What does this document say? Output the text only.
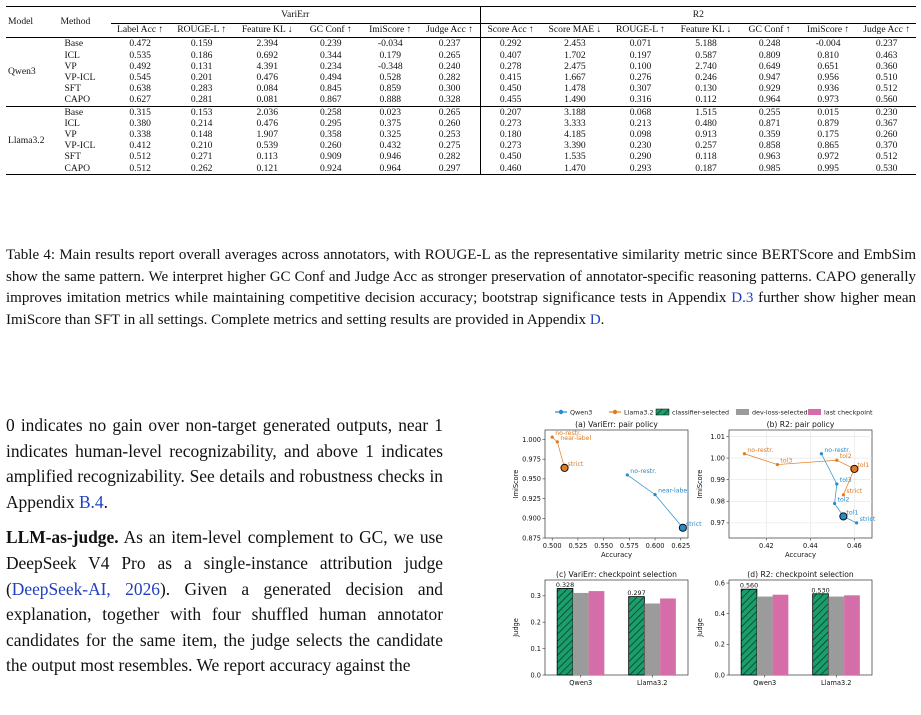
Model	Method	VariErr						R2						
		Label Acc ↑	ROUGE-L ↑	Feature KL ↓	GC Conf ↑	ImiScore ↑	Judge Acc ↑	Score Acc ↑	Score MAE ↓	ROUGE-L ↑	Feature KL ↓	GC Conf ↑	ImiScore ↑	Judge Acc ↑
Qwen3	Base	0.472	0.159	2.394	0.239	-0.034	0.237	0.292	2.453	0.071	5.188	0.248	-0.004	0.237
	ICL	0.535	0.186	0.692	0.344	0.179	0.265	0.407	1.702	0.197	0.587	0.809	0.810	0.463
	VP	0.492	0.131	4.391	0.234	-0.348	0.240	0.278	2.475	0.100	2.740	0.649	0.651	0.360
	VP-ICL	0.545	0.201	0.476	0.494	0.528	0.282	0.415	1.667	0.276	0.246	0.947	0.956	0.510
	SFT	0.638	0.283	0.084	0.845	0.859	0.300	0.450	1.478	0.307	0.130	0.929	0.936	0.512
	CAPO	0.627	0.281	0.081	0.867	0.888	0.328	0.455	1.490	0.316	0.112	0.964	0.973	0.560
Llama3.2	Base	0.315	0.153	2.036	0.258	0.023	0.265	0.207	3.188	0.068	1.515	0.255	0.015	0.230
	ICL	0.380	0.214	0.476	0.295	0.375	0.260	0.273	3.333	0.213	0.480	0.871	0.879	0.367
	VP	0.338	0.148	1.907	0.358	0.325	0.253	0.180	4.185	0.098	0.913	0.359	0.175	0.260
	VP-ICL	0.412	0.210	0.539	0.260	0.432	0.275	0.273	3.390	0.230	0.257	0.858	0.865	0.370
	SFT	0.512	0.271	0.113	0.909	0.946	0.282	0.450	1.535	0.290	0.118	0.963	0.972	0.512
	CAPO	0.512	0.262	0.121	0.924	0.964	0.297	0.460	1.470	0.293	0.187	0.985	0.995	0.530
Table 4: Main results report overall averages across annotators, with ROUGE-L as the representative similarity metric since BERTScore and EmbSim show the same pattern. We interpret higher GC Conf and Judge Acc as stronger preservation of annotator-specific reasoning patterns. CAPO generally improves imitation metrics while maintaining competitive decision accuracy; bootstrap significance tests in Appendix D.3 further show higher mean ImiScore than SFT in all settings. Complete metrics and setting results are provided in Appendix D.

0 indicates no gain over non-target generated outputs, near 1 indicates human-level recognizability, and above 1 indicates amplified recognizability. See details and robustness checks in Appendix B.4.

LLM-as-judge. As an item-level complement to GC, we use DeepSeek V4 Pro as a single-instance attribution judge (DeepSeek-AI, 2026). Given a generated decision and explanation, together with four shuffled human annotator candidates for the same item, the judge selects the candidate the output most resembles. We report accuracy against the

Qwen3	Llama3.2	classifier-selected	dev-loss-selected	last checkpoint
(a) VariErr: pair policy
ImiScore
0.500 0.525 0.550 0.575 0.600 0.625
0.875
0.900
0.925
0.950
0.975
1.000
Accuracy
no-restr.
near-label
strict
no-restr.
near-label
strict
(b) R2: pair policy
ImiScore
0.42	0.44	0.46
0.97
0.98
0.99
1.00
1.01
Accuracy
no-restr.
tol3
tol2
tol1
strict
no-restr.
tol3
tol2
tol1
strict
(c) VariErr: checkpoint selection
Judge
0.0
0.1
0.2
0.3
Qwen3
0.328
Llama3.2
0.297
(d) R2: checkpoint selection
Judge
0.0
0.2
0.4
0.6
Qwen3
0.560
Llama3.2
0.530
